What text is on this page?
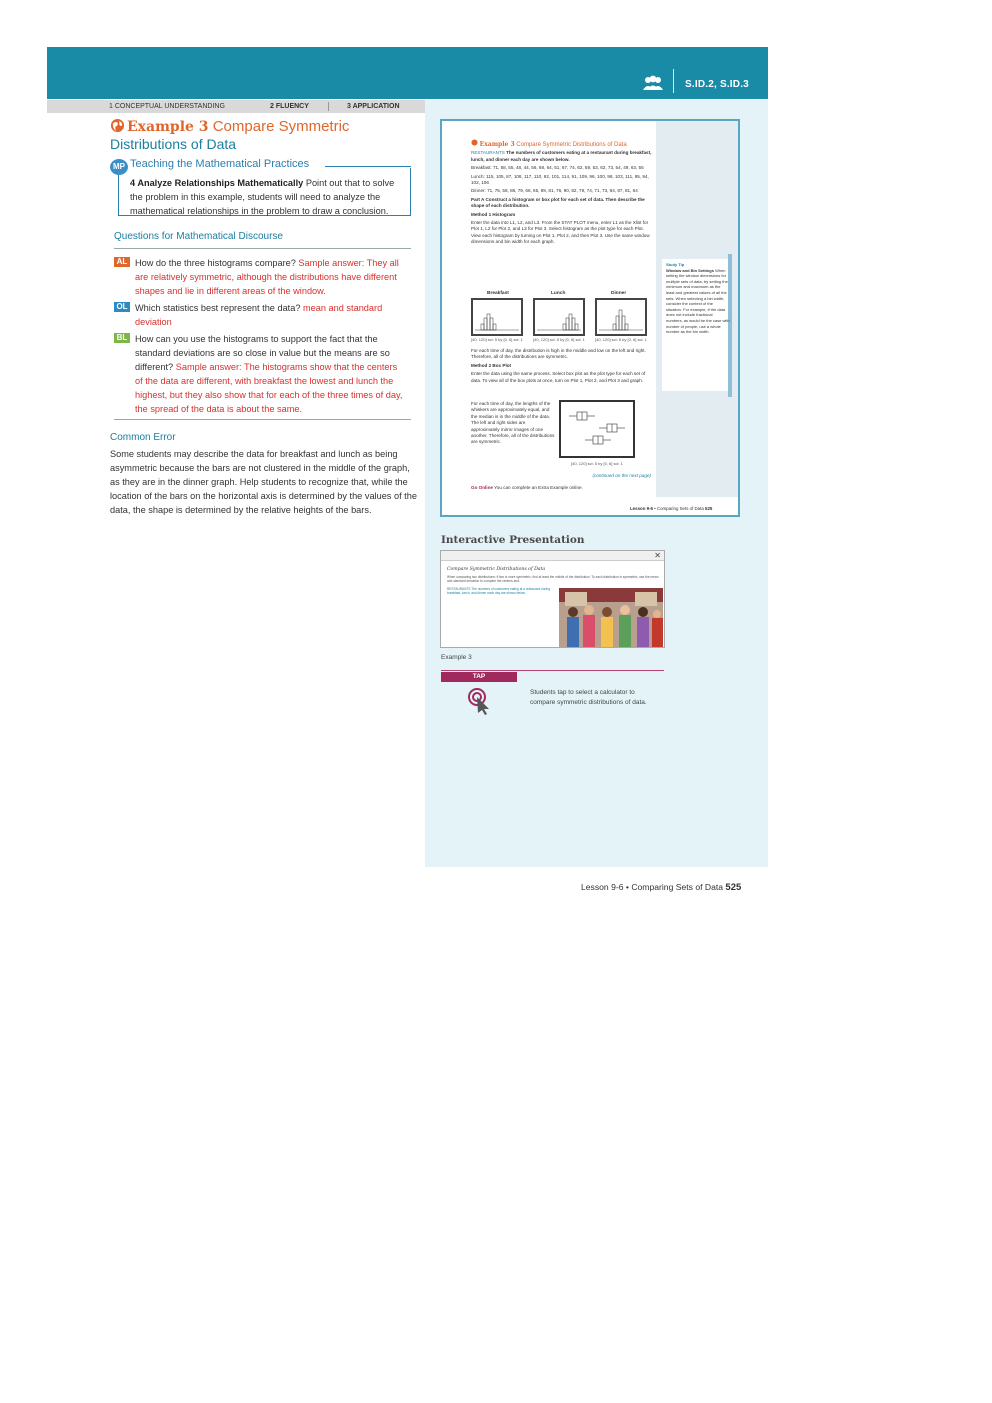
S.ID.2, S.ID.3
1 CONCEPTUAL UNDERSTANDING	2 FLUENCY	3 APPLICATION
Example 3 Compare Symmetric
Distributions of Data
MP Teaching the Mathematical Practices
4 Analyze Relationships Mathematically Point out that to solve
the problem in this example, students will need to analyze the
mathematical relationships in the problem to draw a conclusion.
Questions for Mathematical Discourse
AL How do the three histograms compare? Sample answer: They all
are relatively symmetric, although the distributions have different
shapes and lie in different areas of the window.
OL Which statistics best represent the data? mean and standard
deviation
BL How can you use the histograms to support the fact that the
standard deviations are so close in value but the means are so
different? Sample answer: The histograms show that the centers
of the data are different, with breakfast the lowest and lunch the
highest, but they also show that for each of the three times of day,
the spread of the data is about the same.
Common Error
Some students may describe the data for breakfast and lunch as being
asymmetric because the bars are not clustered in the middle of the graph,
as they are in the dinner graph. Help students to recognize that, while the
location of the bars on the horizontal axis is determined by the values of the
data, the shape is determined by the relative heights of the bars.
Study Tip
Window and Bin Settings When setting the window dimensions for multiple sets of data, try setting the minimum and maximum as the least and greatest values of all the sets. When selecting a bin width, consider the context of the situation. For example, if the data does not include fractional numbers, as would be the case with number of people, use a whole number as the bin width.

Example 3 Compare Symmetric Distributions of Data

RESTAURANTS The numbers of customers eating at a restaurant during breakfast, lunch, and dinner each day are shown below.

Breakfast: 71, 58, 55, 48, 44, 56, 68, 64, 51, 67, 74, 62, 59, 53, 62, 73, 54, 49, 63, 55

Lunch: 115, 105, 87, 108, 117, 110, 92, 101, 114, 91, 109, 96, 100, 98, 103, 111, 95, 94, 102, 106

Dinner: 71, 75, 58, 86, 79, 66, 65, 89, 81, 76, 90, 82, 79, 74, 71, 73, 84, 87, 81, 64

Part A Construct a histogram or box plot for each set of data. Then describe the shape of each distribution.

Method 1 Histogram

Enter the data into L1, L2, and L3. From the STAT PLOT menu, enter L1 as the Xlist for Plot 1, L2 for Plot 2, and L3 for Plot 3. Select histogram as the plot type for each Plot. View each histogram by turning on Plot 1, Plot 2, and then Plot 3. Use the same window dimensions and bin width for each graph.

Breakfast	Lunch	Dinner
[40, 120] scl: 5 by [0, 6] scl: 1	[40, 120] scl: 5 by [0, 6] scl: 1	[40, 120] scl: 5 by [0, 6] scl: 1

For each time of day, the distribution is high in the middle and low on the left and right. Therefore, all of the distributions are symmetric.

Method 2 Box Plot

Enter the data using the same process. Select box plot as the plot type for each set of data. To view all of the box plots at once, turn on Plot 1, Plot 2, and Plot 3 and graph.

For each time of day, the lengths of the whiskers are approximately equal, and the median is in the middle of the data. The left and right sides are approximately mirror images of one another. Therefore, all of the distributions are symmetric.

[40, 120] scl: 5 by [0, 6] scl: 1

(continued on the next page)

Go Online You can complete an Extra Example online.

Lesson 9-6 • Comparing Sets of Data 525
Interactive Presentation
✕
Compare Symmetric Distributions of Data
When comparing two distributions: if two is more symmetric, find at least the middle of the distribution. To each distribution is symmetric, use the mean and standard deviation to compare the centers and.
RESTAURANTS The numbers of customers eating at a restaurant during breakfast, lunch, and dinner each day are shown below.
Example 3
TAP
Students tap to select a calculator to
compare symmetric distributions of data.
Lesson 9-6 • Comparing Sets of Data 525
